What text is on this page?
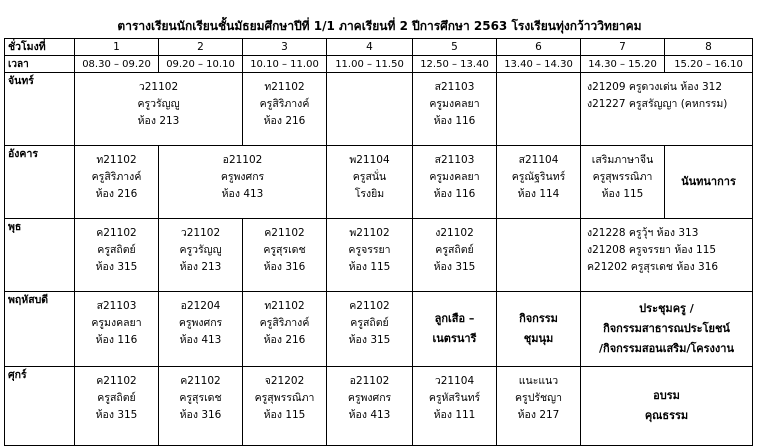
ตารางเรียนนักเรียนชั้นมัธยมศึกษาปีที่ 1/1 ภาคเรียนที่ 2 ปีการศึกษา 2563 โรงเรียนทุ่งกว้าววิทยาคม
ชั่วโมงที่	1	2	3	4	5	6	7	8
เวลา	08.30 – 09.20	09.20 – 10.10	10.10 – 11.00	11.00 – 11.50	12.50 – 13.40	13.40 – 14.30	14.30 – 15.20	15.20 – 16.10
จันทร์	ว21102
ครูวรัญญู
ห้อง 213		ท21102
ครูสิริภางค์
ห้อง 216		ส21103
ครูมงคลยา
ห้อง 116		ง21209 ครูดวงเด่น ห้อง 312
ง21227 ครูสรัญญา (คหกรรม)	
อังคาร	ท21102
ครูสิริภางค์
ห้อง 216	อ21102
ครูพงศกร
ห้อง 413		พ21104
ครูสนั่น
โรงยิม	ส21103
ครูมงคลยา
ห้อง 116	ส21104
ครูณัฐรินทร์
ห้อง 114	เสริมภาษาจีน
ครูสุพรรณิภา
ห้อง 115	นันทนาการ
พุธ	ค21102
ครูสถิตย์
ห้อง 315	ว21102
ครูวรัญญู
ห้อง 213	ค21102
ครูสุรเดช
ห้อง 316	พ21102
ครูจรรยา
ห้อง 115	ง21102
ครูสถิตย์
ห้อง 315		ง21228 ครูวุ้ฯ ห้อง 313
ง21208 ครูจรรยา ห้อง 115
ค21202 ครูสุรเดช ห้อง 316	
พฤหัสบดี	ส21103
ครูมงคลยา
ห้อง 116	อ21204
ครูพงศกร
ห้อง 413	ท21102
ครูสิริภางค์
ห้อง 216	ค21102
ครูสถิตย์
ห้อง 315	ลูกเสือ –
เนตรนารี	กิจกรรม
ชุมนุม	ประชุมครู /
กิจกรรมสาธารณประโยชน์
/กิจกรรมสอนเสริม/โครงงาน	
ศุกร์	ค21102
ครูสถิตย์
ห้อง 315	ค21102
ครูสุรเดช
ห้อง 316	จ21202
ครูสุพรรณิภา
ห้อง 115	อ21102
ครูพงศกร
ห้อง 413	ว21104
ครูหัสรินทร์
ห้อง 111	แนะแนว
ครูปรัชญา
ห้อง 217	อบรม
คุณธรรม	
